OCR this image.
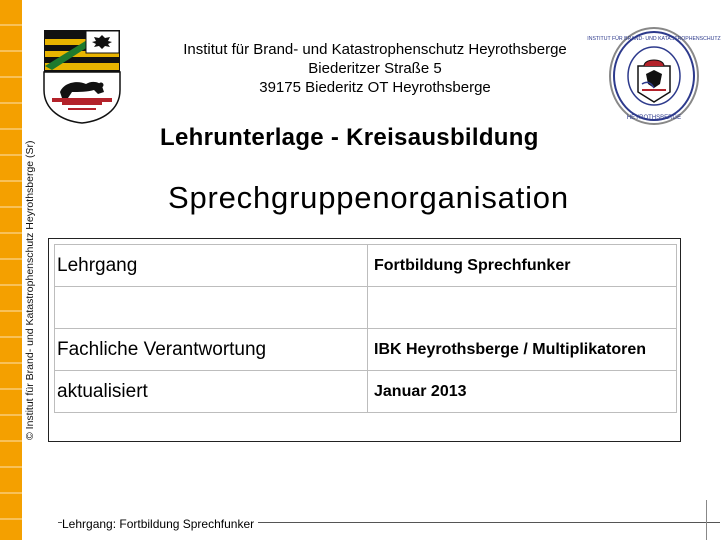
© Institut für Brand- und Katastrophenschutz Heyrothsberge (Sr)
INSTITUT FÜR BRAND- UND KATASTROPHENSCHUTZ
HEYROTHSBERGE
Institut für Brand- und Katastrophenschutz Heyrothsberge
Biederitzer Straße 5
39175 Biederitz OT Heyrothsberge
Lehrunterlage - Kreisausbildung
Sprechgruppenorganisation
Lehrgang	Fortbildung Sprechfunker

Fachliche Verantwortung	IBK Heyrothsberge / Multiplikatoren
aktualisiert	Januar 2013
Lehrgang: Fortbildung Sprechfunker
